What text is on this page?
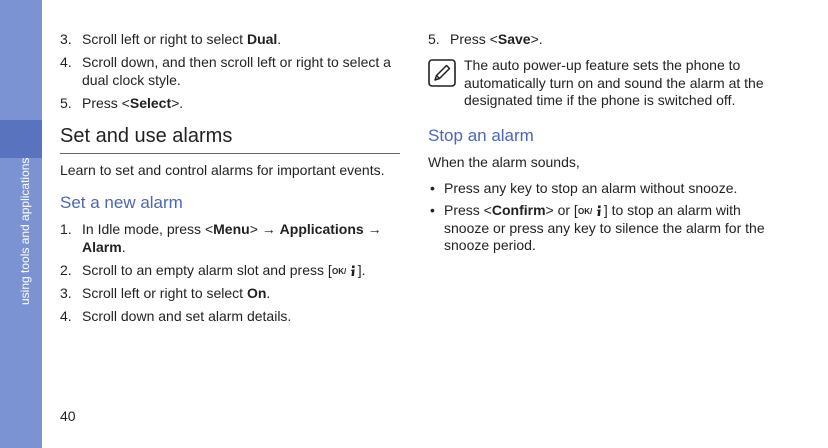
using tools and applications
40
3. Scroll left or right to select Dual.
4. Scroll down, and then scroll left or right to select a dual clock style.
5. Press <Select>.
Set and use alarms
Learn to set and control alarms for important events.
Set a new alarm
1. In Idle mode, press <Menu> → Applications → Alarm.
2. Scroll to an empty alarm slot and press [ OK/ ].
3. Scroll left or right to select On.
4. Scroll down and set alarm details.
5. Press <Save>.
The auto power-up feature sets the phone to automatically turn on and sound the alarm at the designated time if the phone is switched off.
Stop an alarm
When the alarm sounds,
• Press any key to stop an alarm without snooze.
• Press <Confirm> or [ OK/ ] to stop an alarm with snooze or press any key to silence the alarm for the snooze period.
